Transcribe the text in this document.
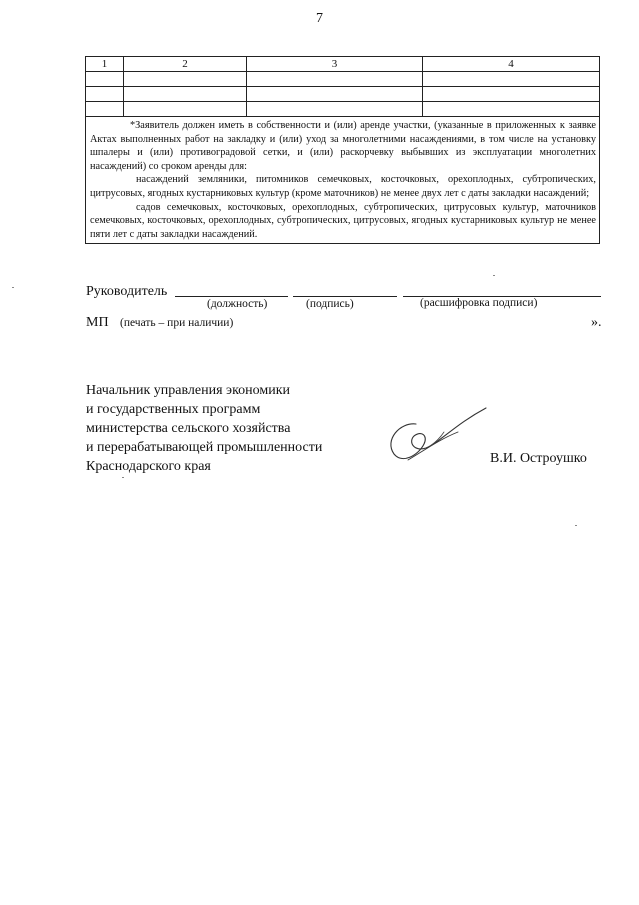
7
1	2	3	4

*Заявитель должен иметь в собственности и (или) аренде участки, (указанные в приложенных к заявке Актах выполненных работ на закладку и (или) уход за многолетними насаждениями, в том числе на установку шпалеры и (или) противоградовой сетки, и (или) раскорчевку выбывших из эксплуатации многолетних насаждений) со сроком аренды для:

насаждений земляники, питомников семечковых, косточковых, орехоплодных, субтропических, цитрусовых, ягодных кустарниковых культур (кроме маточников) не менее двух лет с даты закладки насаждений;

садов семечковых, косточковых, орехоплодных, субтропических, цитрусовых культур, маточников семечковых, косточковых, орехоплодных, субтропических, цитрусовых, ягодных кустарниковых культур не менее пяти лет с даты закладки насаждений.			

Руководитель
(должность)	(подпись)	(расшифровка подписи)
МП (печать – при наличии)	».
Начальник управления экономики
и государственных программ
министерства сельского хозяйства
и перерабатывающей промышленности
Краснодарского края
В.И. Остроушко
